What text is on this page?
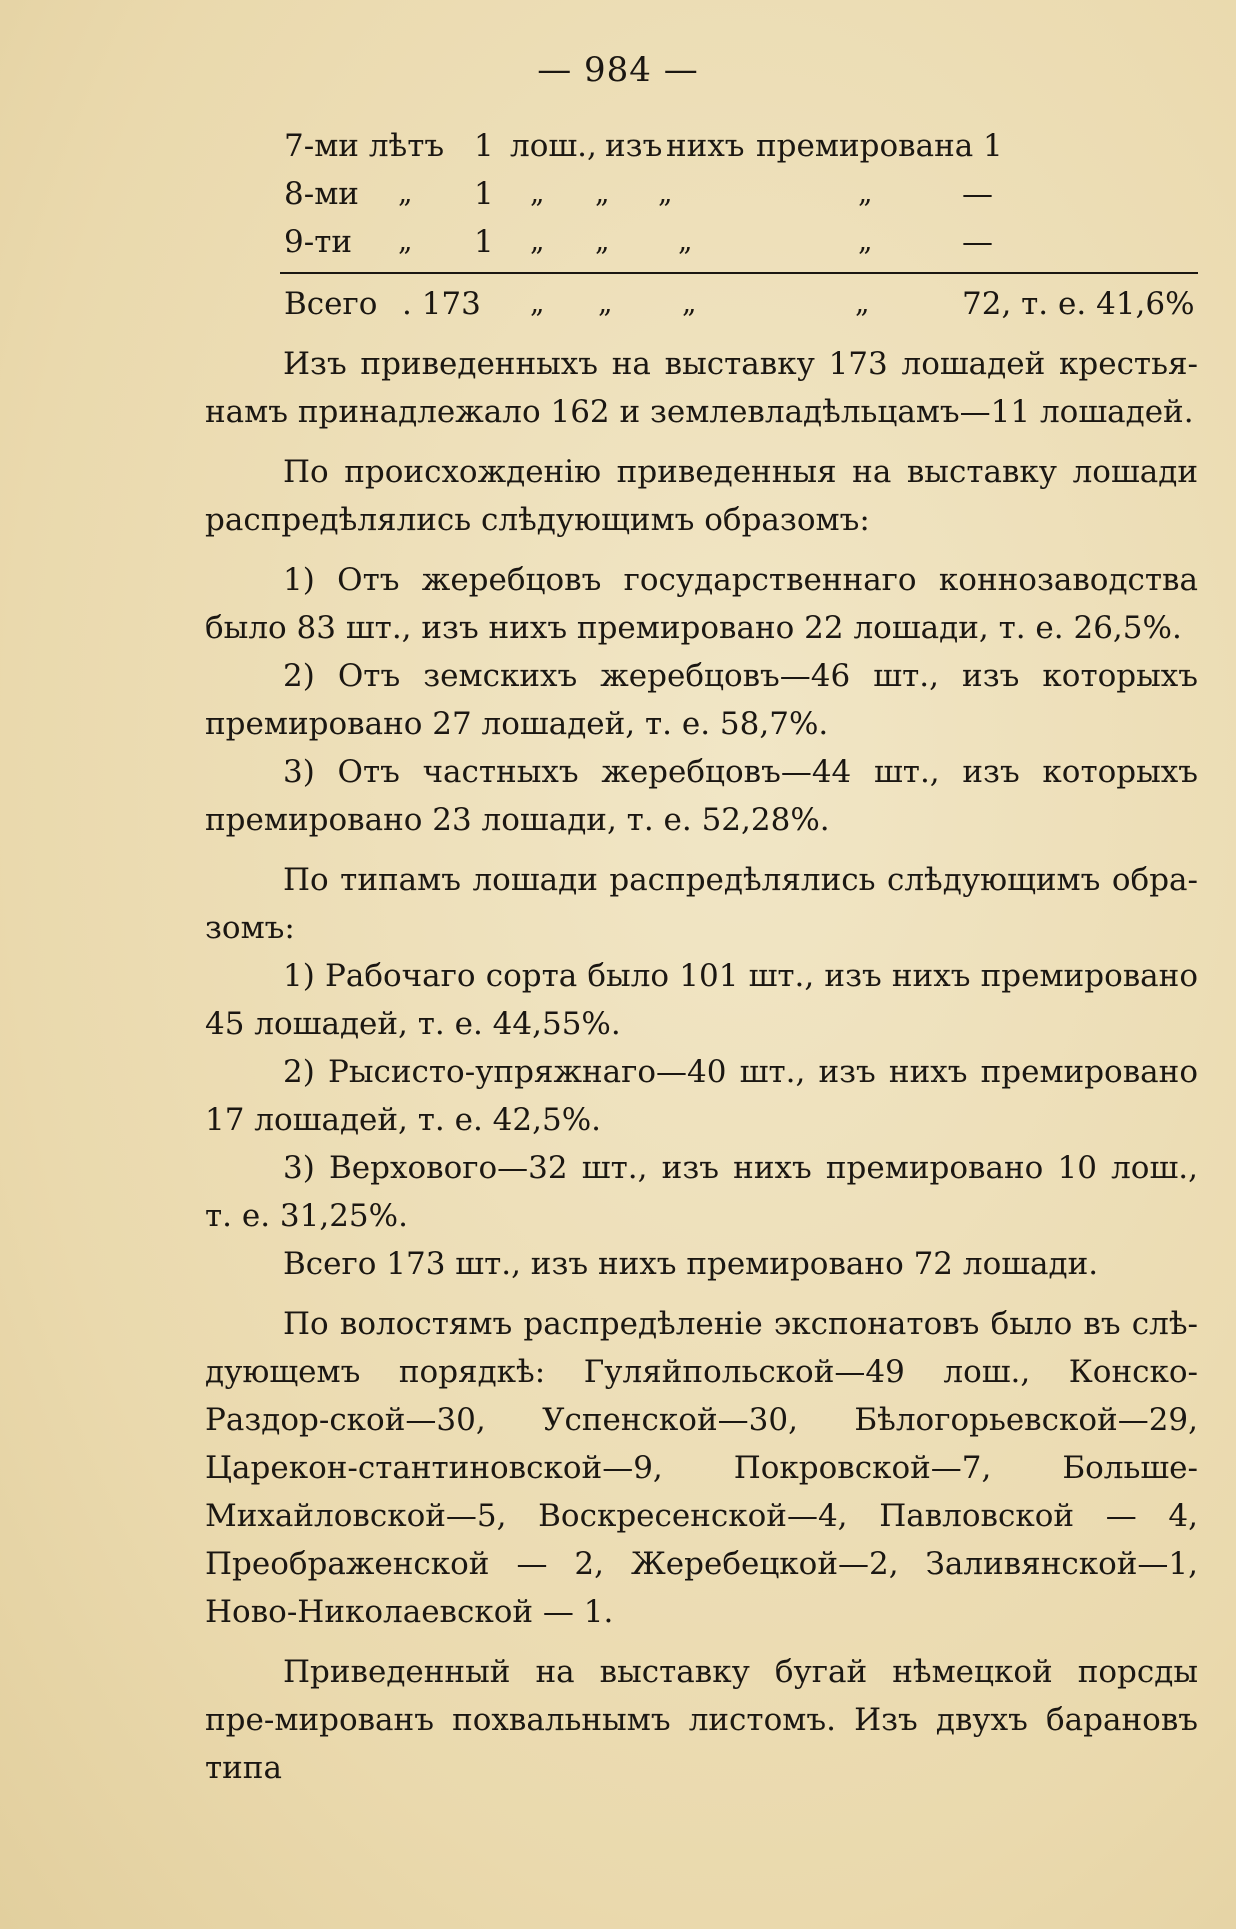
— 984 —
7-ми лѣтъ 1 лош., изъ нихъ премирована 1
8-ми „ 1 „ „ „	„	—
9-ти „ 1 „ „ „	„	—
Всего . 173 „ „ „	„	72, т. е. 41,6%

Изъ приведенныхъ на выставку 173 лошадей крестья-намъ принадлежало 162 и землевладѣльцамъ—11 лошадей.

По происхожденію приведенныя на выставку лошади распредѣлялись слѣдующимъ образомъ:

1) Отъ жеребцовъ государственнаго коннозаводства было 83 шт., изъ нихъ премировано 22 лошади, т. е. 26,5%.

2) Отъ земскихъ жеребцовъ—46 шт., изъ которыхъ премировано 27 лошадей, т. е. 58,7%.

3) Отъ частныхъ жеребцовъ—44 шт., изъ которыхъ премировано 23 лошади, т. е. 52,28%.

По типамъ лошади распредѣлялись слѣдующимъ обра-зомъ:

1) Рабочаго сорта было 101 шт., изъ нихъ премировано 45 лошадей, т. е. 44,55%.

2) Рысисто-упряжнаго—40 шт., изъ нихъ премировано 17 лошадей, т. е. 42,5%.

3) Верхового—32 шт., изъ нихъ премировано 10 лош., т. е. 31,25%.

Всего 173 шт., изъ нихъ премировано 72 лошади.

По волостямъ распредѣленіе экспонатовъ было въ слѣ-дующемъ порядкѣ: Гуляйпольской—49 лош., Конско-Раздор-ской—30, Успенской—30, Бѣлогорьевской—29, Царекон-стантиновской—9, Покровской—7, Больше-Михайловской—5, Воскресенской—4, Павловской — 4, Преображенской — 2, Жеребецкой—2, Заливянской—1, Ново-Николаевской — 1.

Приведенный на выставку бугай нѣмецкой порсды пре-мированъ похвальнымъ листомъ. Изъ двухъ барановъ типа
